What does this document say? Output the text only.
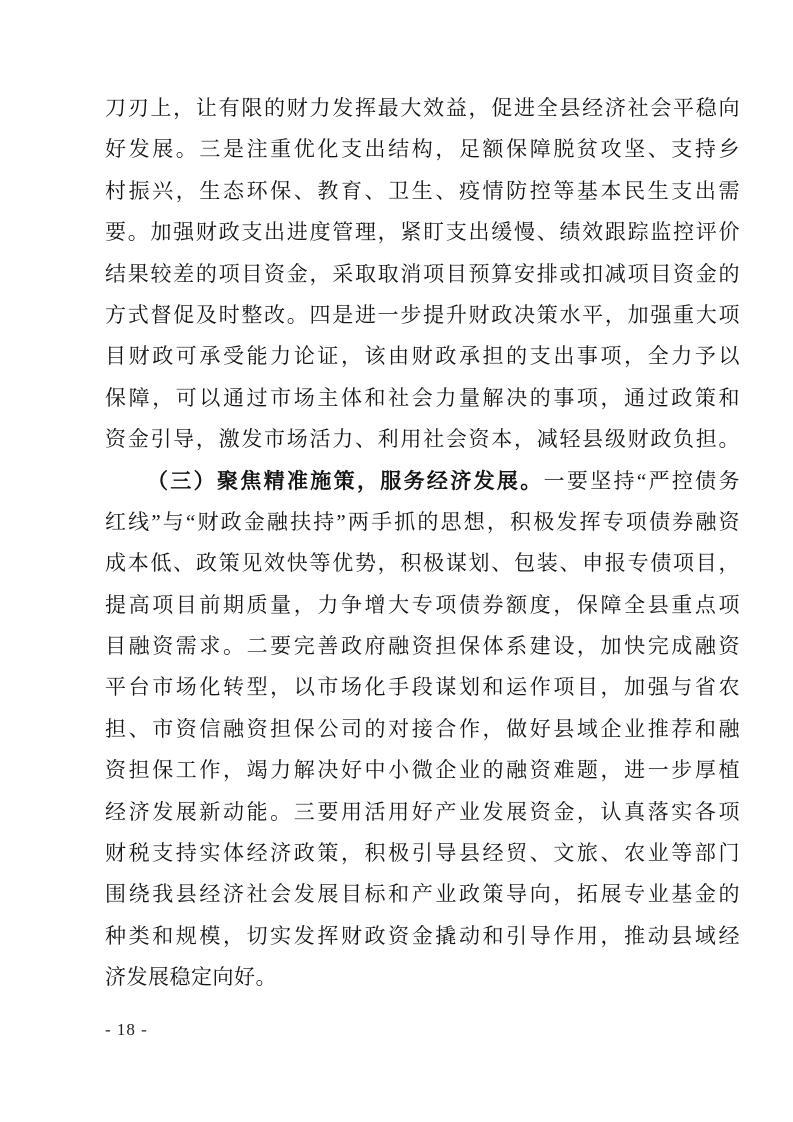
刀刃上，让有限的财力发挥最大效益，促进全县经济社会平稳向
好发展。三是注重优化支出结构，足额保障脱贫攻坚、支持乡
村振兴，生态环保、教育、卫生、疫情防控等基本民生支出需
要。加强财政支出进度管理，紧盯支出缓慢、绩效跟踪监控评价
结果较差的项目资金，采取取消项目预算安排或扣减项目资金的
方式督促及时整改。四是进一步提升财政决策水平，加强重大项
目财政可承受能力论证，该由财政承担的支出事项，全力予以
保障，可以通过市场主体和社会力量解决的事项，通过政策和
资金引导，激发市场活力、利用社会资本，减轻县级财政负担。
（三）聚焦精准施策，服务经济发展。一要坚持“严控债务
红线”与“财政金融扶持”两手抓的思想，积极发挥专项债券融资
成本低、政策见效快等优势，积极谋划、包装、申报专债项目，
提高项目前期质量，力争增大专项债券额度，保障全县重点项
目融资需求。二要完善政府融资担保体系建设，加快完成融资
平台市场化转型，以市场化手段谋划和运作项目，加强与省农
担、市资信融资担保公司的对接合作，做好县域企业推荐和融
资担保工作，竭力解决好中小微企业的融资难题，进一步厚植
经济发展新动能。三要用活用好产业发展资金，认真落实各项
财税支持实体经济政策，积极引导县经贸、文旅、农业等部门
围绕我县经济社会发展目标和产业政策导向，拓展专业基金的
种类和规模，切实发挥财政资金撬动和引导作用，推动县域经
济发展稳定向好。
- 18 -
